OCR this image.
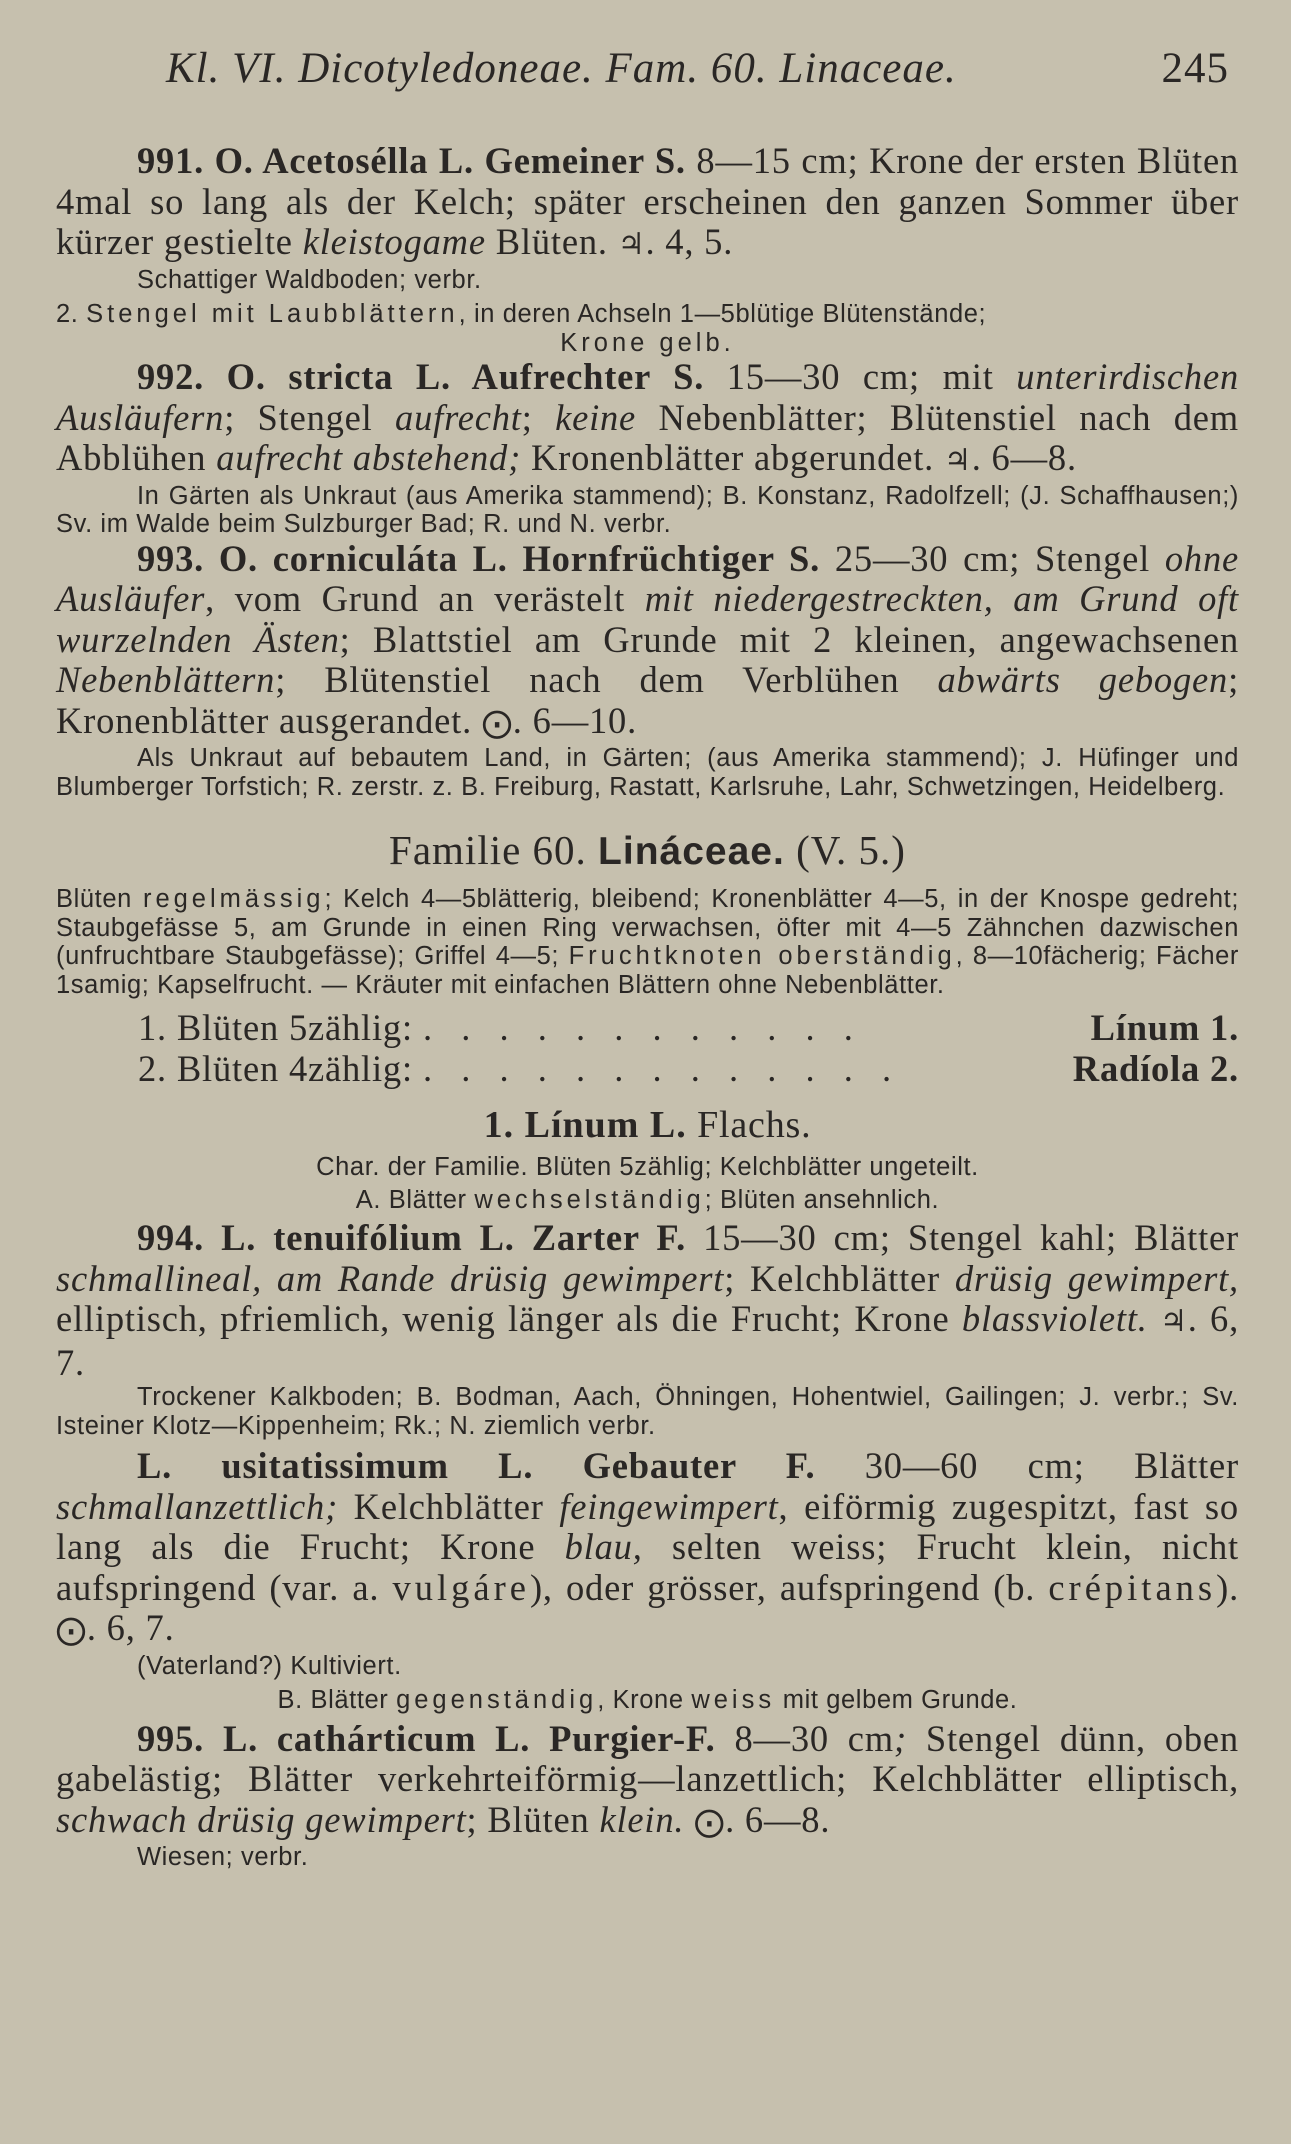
Kl. VI. Dicotyledoneae. Fam. 60. Linaceae.	245

991. O. Acetosélla L. Gemeiner S. 8—15 cm; Krone der ersten Blüten 4mal so lang als der Kelch; später erscheinen den ganzen Sommer über kürzer gestielte kleistogame Blüten. ♃. 4, 5.

Schattiger Waldboden; verbr.
2. Stengel mit Laubblättern, in deren Achseln 1—5blütige Blütenstände;
Krone gelb.

992. O. stricta L. Aufrechter S. 15—30 cm; mit unterirdischen Ausläufern; Stengel aufrecht; keine Nebenblätter; Blütenstiel nach dem Abblühen aufrecht abstehend; Kronenblätter abgerundet. ♃. 6—8.

In Gärten als Unkraut (aus Amerika stammend); B. Konstanz, Radolfzell; (J. Schaffhausen;) Sv. im Walde beim Sulzburger Bad; R. und N. verbr.

993. O. corniculáta L. Hornfrüchtiger S. 25—30 cm; Stengel ohne Ausläufer, vom Grund an verästelt mit niedergestreckten, am Grund oft wurzelnden Ästen; Blattstiel am Grunde mit 2 kleinen, angewachsenen Nebenblättern; Blütenstiel nach dem Verblühen abwärts gebogen; Kronenblätter ausgerandet. ⨀. 6—10.

Als Unkraut auf bebautem Land, in Gärten; (aus Amerika stammend); J. Hüfinger und Blumberger Torfstich; R. zerstr. z. B. Freiburg, Rastatt, Karlsruhe, Lahr, Schwetzingen, Heidelberg.
Familie 60. Lináceae. (V. 5.)
Blüten regelmässig; Kelch 4—5blätterig, bleibend; Kronenblätter 4—5, in der Knospe gedreht; Staubgefässe 5, am Grunde in einen Ring verwachsen, öfter mit 4—5 Zähnchen dazwischen (unfruchtbare Staubgefässe); Griffel 4—5; Fruchtknoten oberständig, 8—10fächerig; Fächer 1samig; Kapselfrucht. — Kräuter mit einfachen Blättern ohne Nebenblätter.
1. Blüten 5zählig: . . . . . . . . . . . .	Línum 1.
2. Blüten 4zählig: . . . . . . . . . . . . .	Radíola 2.
1. Línum L. Flachs.
Char. der Familie. Blüten 5zählig; Kelchblätter ungeteilt.
A. Blätter wechselständig; Blüten ansehnlich.

994. L. tenuifólium L. Zarter F. 15—30 cm; Stengel kahl; Blätter schmallineal, am Rande drüsig gewimpert; Kelchblätter drüsig gewimpert, elliptisch, pfriemlich, wenig länger als die Frucht; Krone blassviolett. ♃. 6, 7.

Trockener Kalkboden; B. Bodman, Aach, Öhningen, Hohentwiel, Gailingen; J. verbr.; Sv. Isteiner Klotz—Kippenheim; Rk.; N. ziemlich verbr.

L. usitatissimum L. Gebauter F. 30—60 cm; Blätter schmallanzettlich; Kelchblätter feingewimpert, eiförmig zugespitzt, fast so lang als die Frucht; Krone blau, selten weiss; Frucht klein, nicht aufspringend (var. a. vulgáre), oder grösser, aufspringend (b. crépitans). ⨀. 6, 7.

(Vaterland?) Kultiviert.
B. Blätter gegenständig, Krone weiss mit gelbem Grunde.

995. L. cathárticum L. Purgier-F. 8—30 cm; Stengel dünn, oben gabelästig; Blätter verkehrteiförmig—lanzettlich; Kelchblätter elliptisch, schwach drüsig gewimpert; Blüten klein. ⨀. 6—8.

Wiesen; verbr.
